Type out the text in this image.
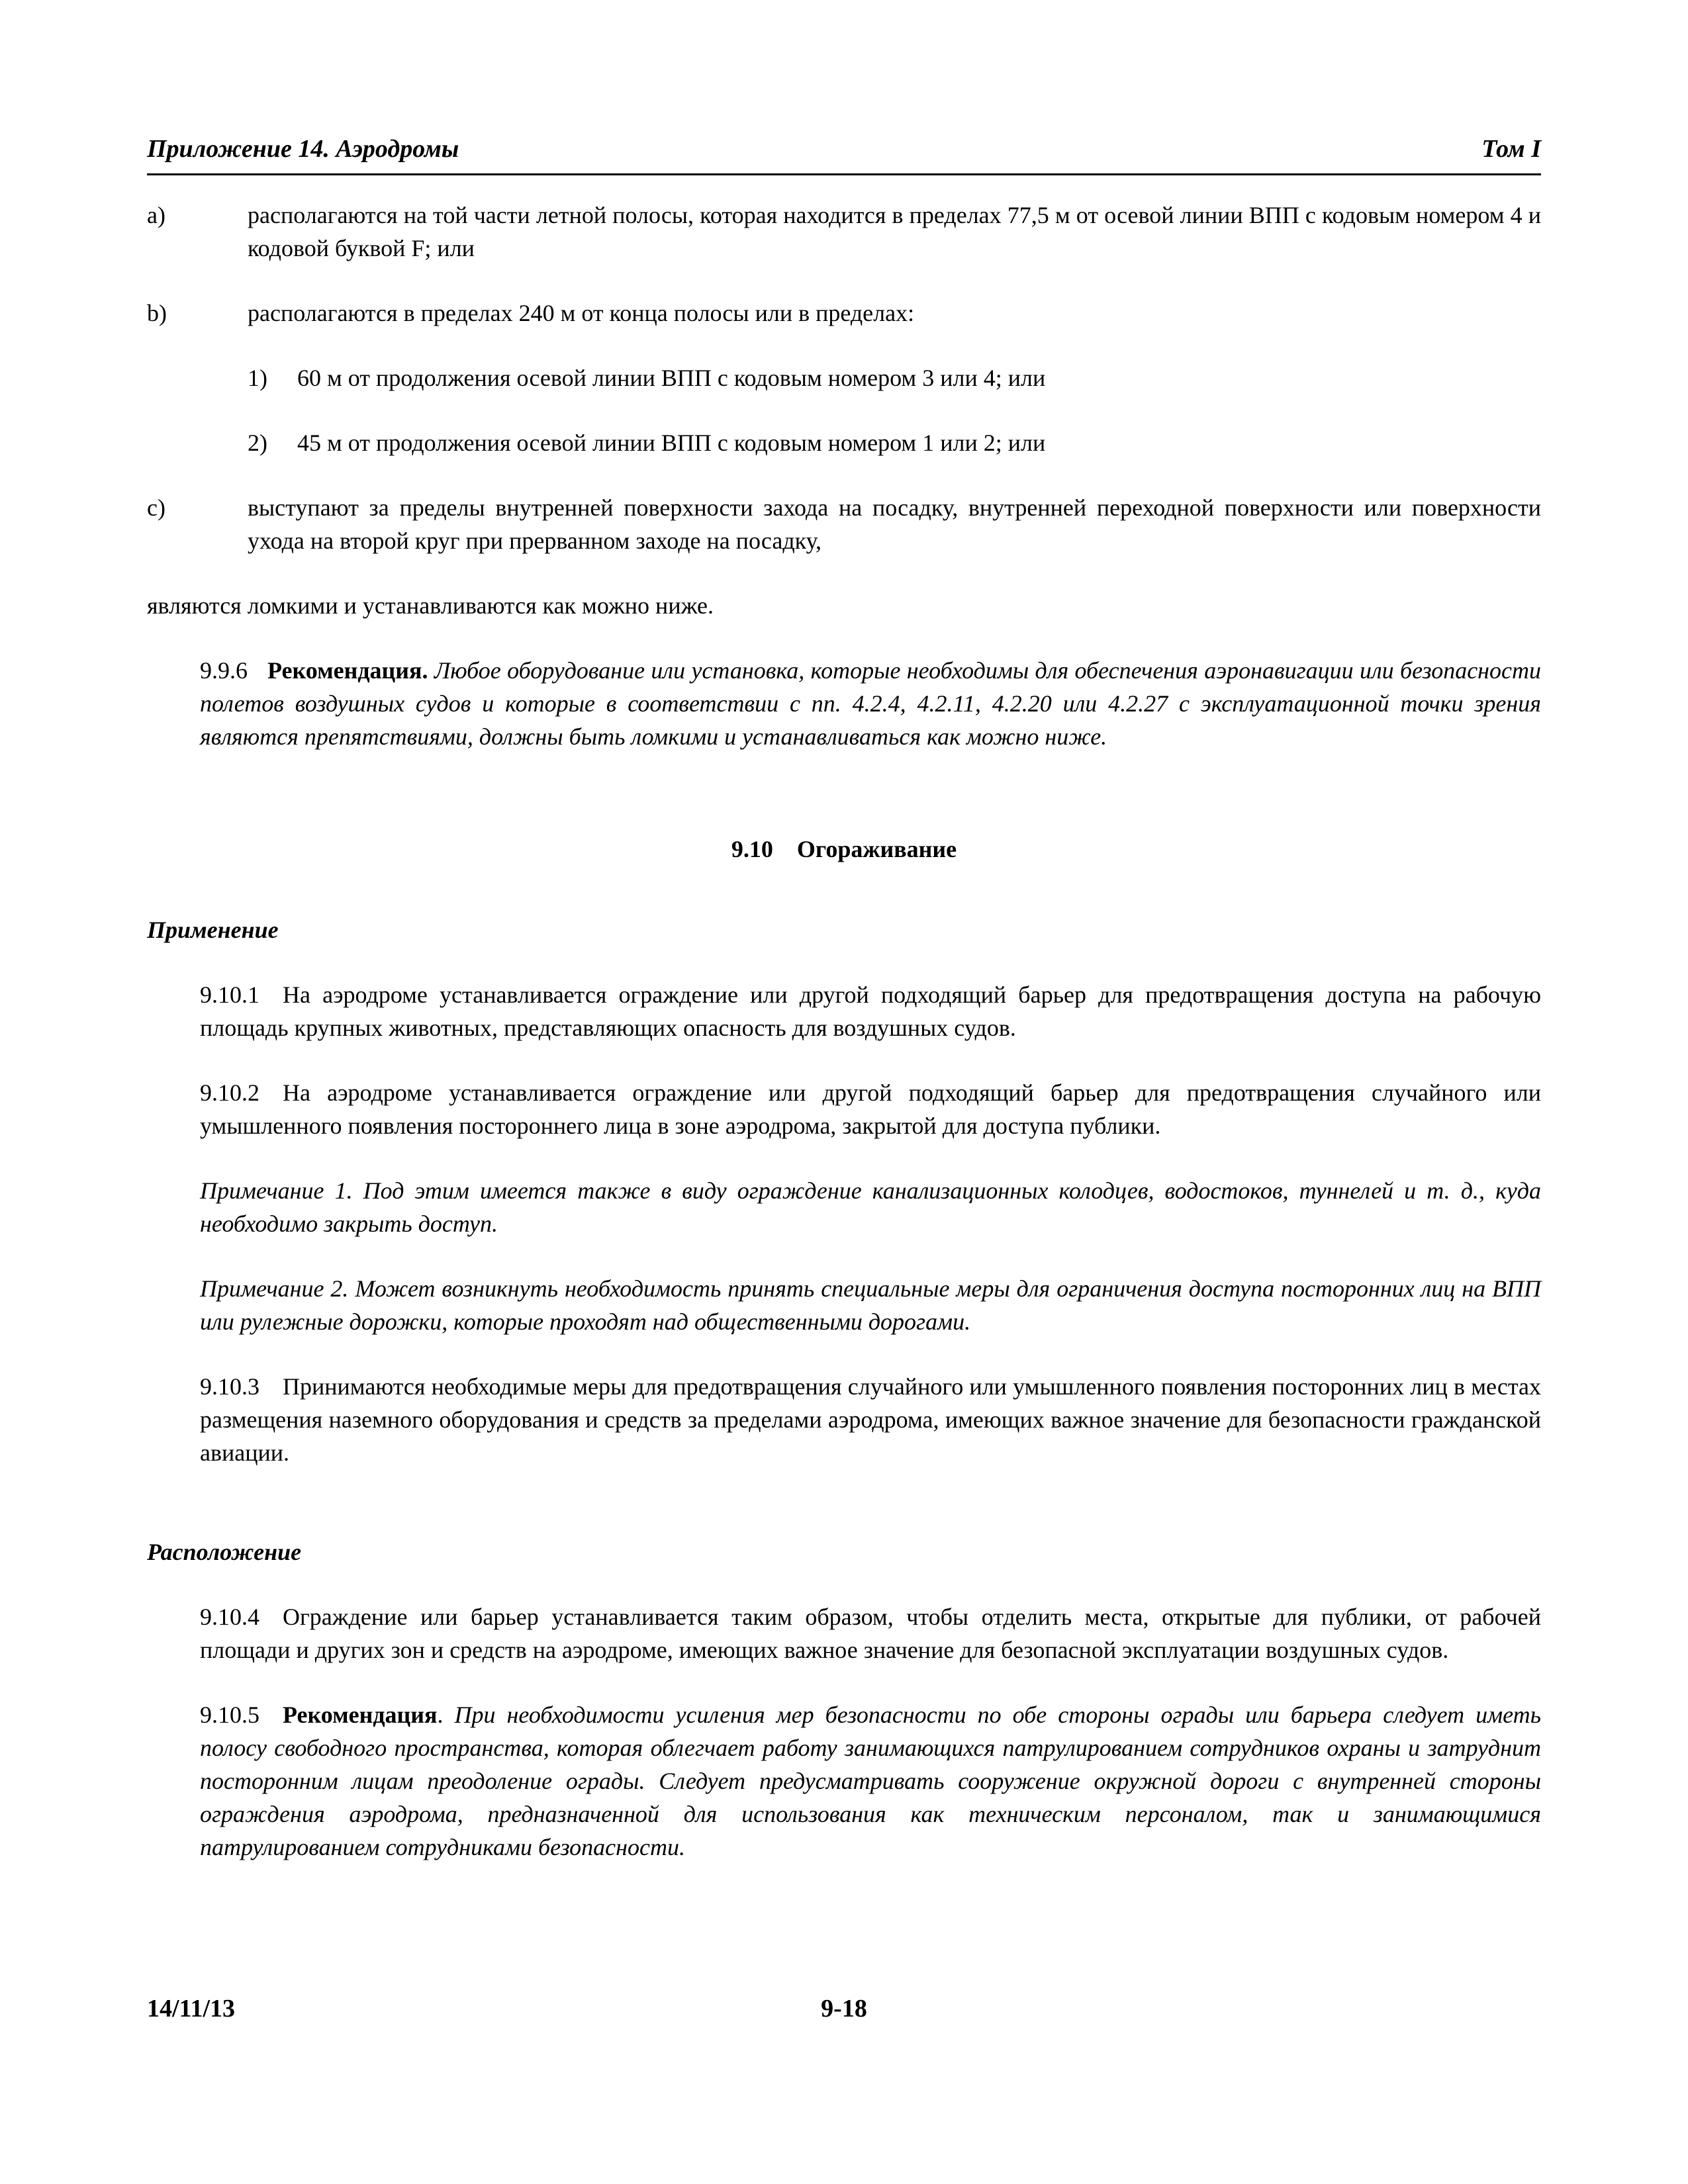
Приложение 14. Аэродромы	Том I
a)	располагаются на той части летной полосы, которая находится в пределах 77,5 м от осевой линии ВПП с кодовым номером 4 и кодовой буквой F; или

b)	располагаются в пределах 240 м от конца полосы или в пределах:

1) 60 м от продолжения осевой линии ВПП с кодовым номером 3 или 4; или

2) 45 м от продолжения осевой линии ВПП с кодовым номером 1 или 2; или

c)	выступают за пределы внутренней поверхности захода на посадку, внутренней переходной поверхности или поверхности ухода на второй круг при прерванном заходе на посадку,

являются ломкими и устанавливаются как можно ниже.

9.9.6 Рекомендация. Любое оборудование или установка, которые необходимы для обеспечения аэронавигации или безопасности полетов воздушных судов и которые в соответствии с пп. 4.2.4, 4.2.11, 4.2.20 или 4.2.27 с эксплуатационной точки зрения являются препятствиями, должны быть ломкими и устанавливаться как можно ниже.

9.10 Огораживание

Применение

9.10.1 На аэродроме устанавливается ограждение или другой подходящий барьер для предотвращения доступа на рабочую площадь крупных животных, представляющих опасность для воздушных судов.

9.10.2 На аэродроме устанавливается ограждение или другой подходящий барьер для предотвращения случайного или умышленного появления постороннего лица в зоне аэродрома, закрытой для доступа публики.

Примечание 1. Под этим имеется также в виду ограждение канализационных колодцев, водостоков, туннелей и т. д., куда необходимо закрыть доступ.

Примечание 2. Может возникнуть необходимость принять специальные меры для ограничения доступа посторонних лиц на ВПП или рулежные дорожки, которые проходят над общественными дорогами.

9.10.3 Принимаются необходимые меры для предотвращения случайного или умышленного появления посторонних лиц в местах размещения наземного оборудования и средств за пределами аэродрома, имеющих важное значение для безопасности гражданской авиации.

Расположение

9.10.4 Ограждение или барьер устанавливается таким образом, чтобы отделить места, открытые для публики, от рабочей площади и других зон и средств на аэродроме, имеющих важное значение для безопасной эксплуатации воздушных судов.

9.10.5 Рекомендация. При необходимости усиления мер безопасности по обе стороны ограды или барьера следует иметь полосу свободного пространства, которая облегчает работу занимающихся патрулированием сотрудников охраны и затруднит посторонним лицам преодоление ограды. Следует предусматривать сооружение окружной дороги с внутренней стороны ограждения аэродрома, предназначенной для использования как техническим персоналом, так и занимающимися патрулированием сотрудниками безопасности.

14/11/13	9-18
